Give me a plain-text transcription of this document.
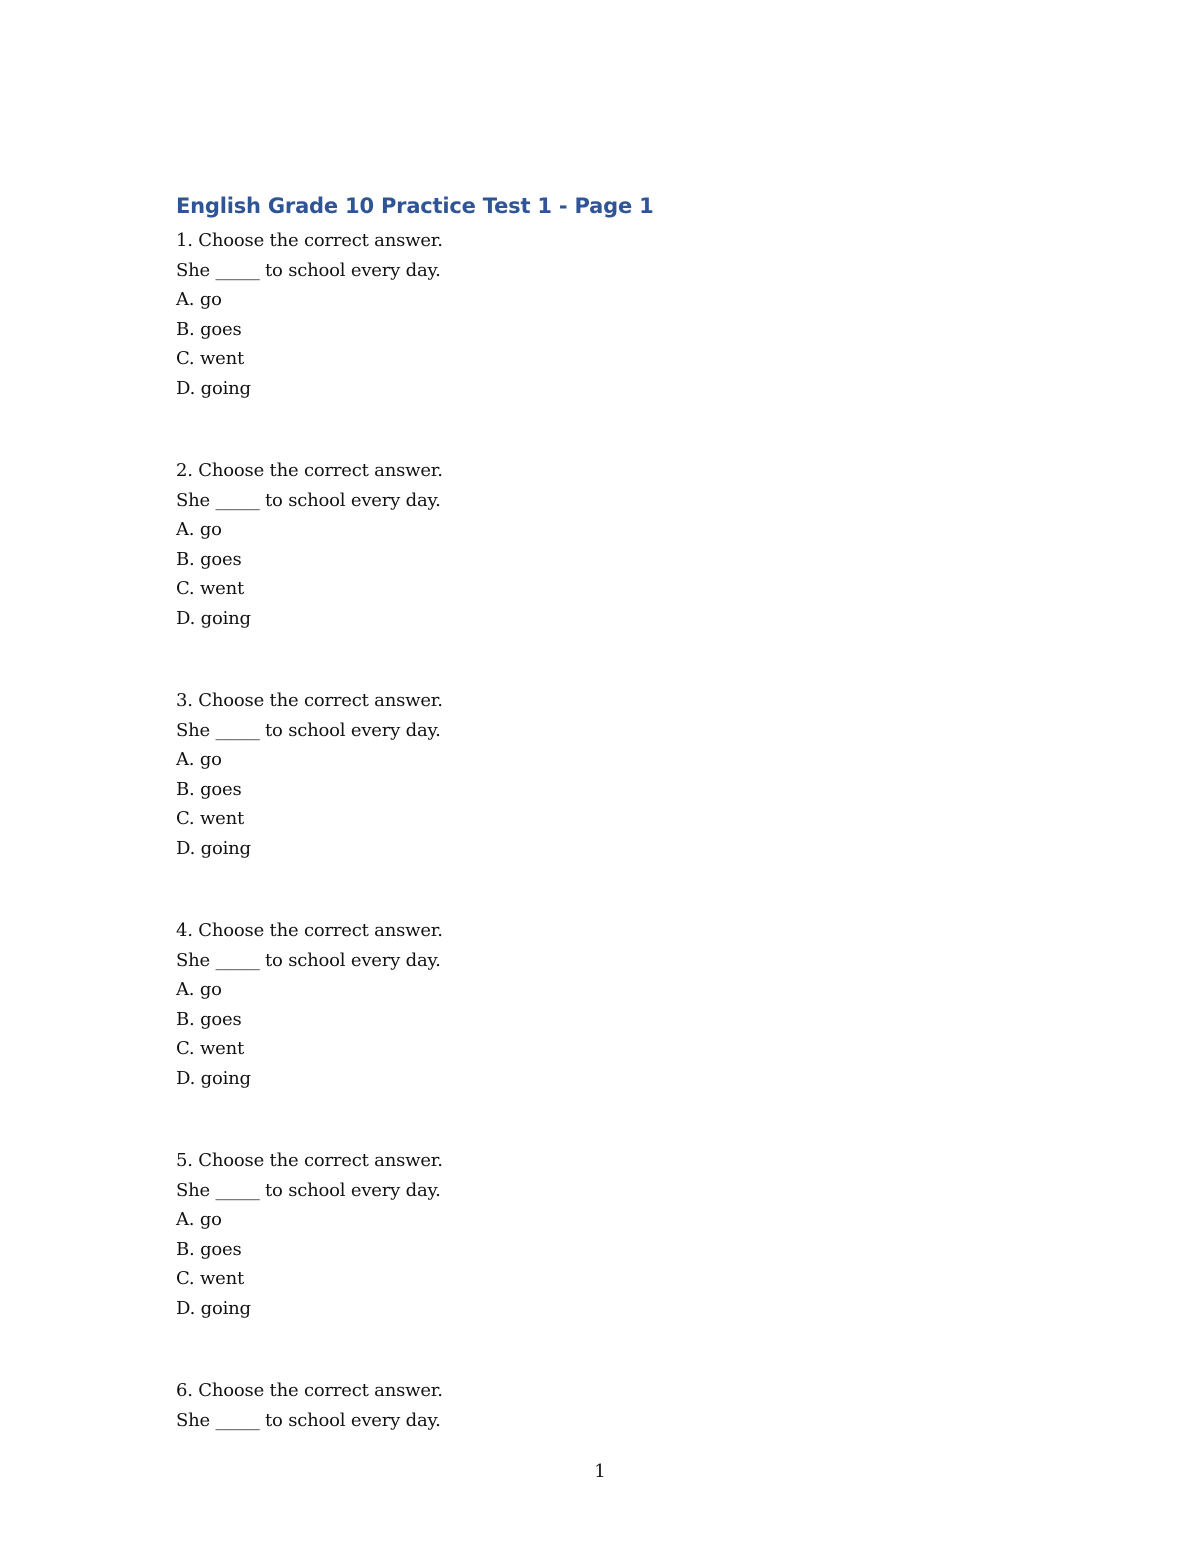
English Grade 10 Practice Test 1 - Page 1
1. Choose the correct answer.
She _____ to school every day.
A. go
B. goes
C. went
D. going
2. Choose the correct answer.
She _____ to school every day.
A. go
B. goes
C. went
D. going
3. Choose the correct answer.
She _____ to school every day.
A. go
B. goes
C. went
D. going
4. Choose the correct answer.
She _____ to school every day.
A. go
B. goes
C. went
D. going
5. Choose the correct answer.
She _____ to school every day.
A. go
B. goes
C. went
D. going
6. Choose the correct answer.
She _____ to school every day.
1
